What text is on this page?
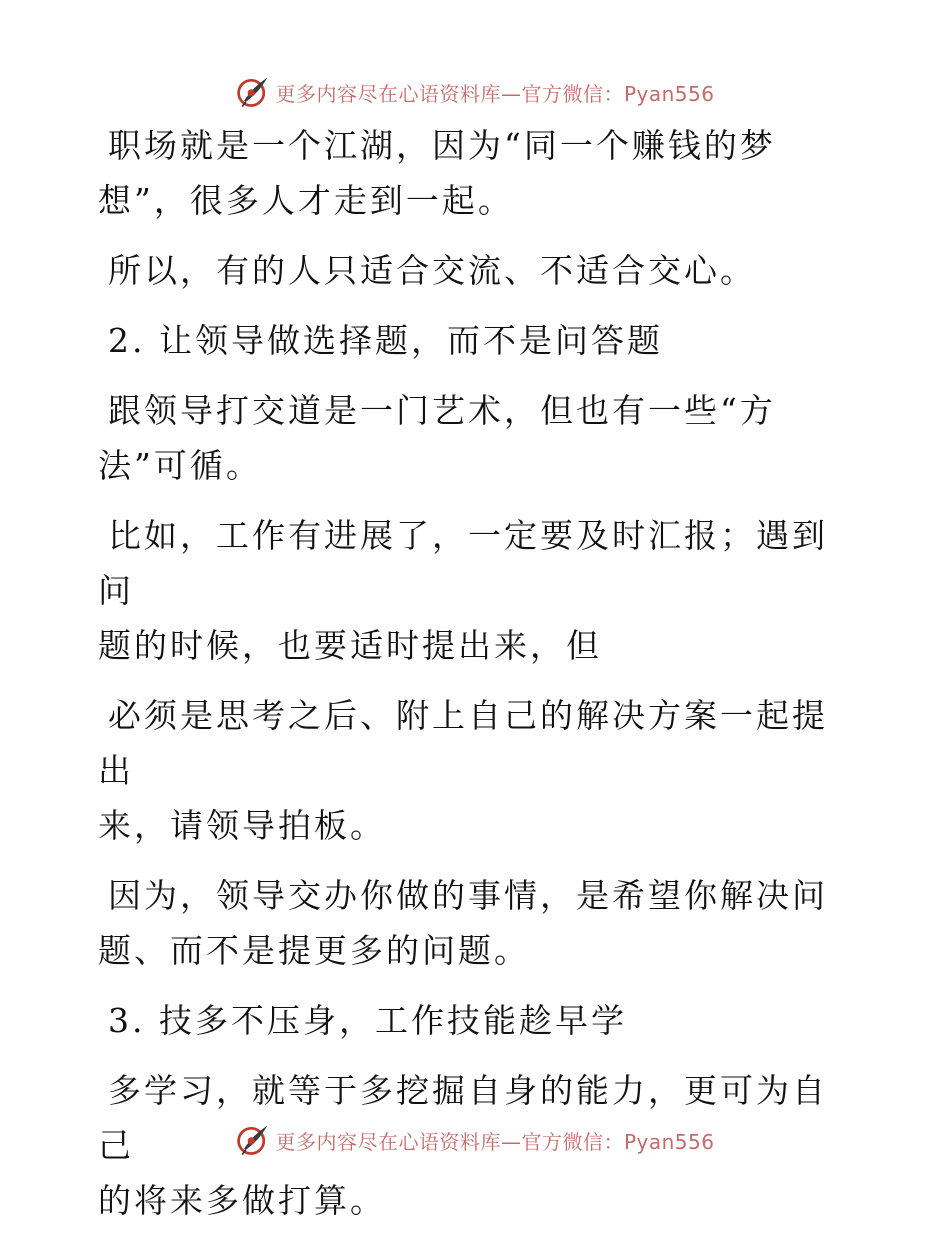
更多内容尽在心语资料库—官方微信：Pyan556

职场就是一个江湖，因为“同一个赚钱的梦
想”，很多人才走到一起。

所以，有的人只适合交流、不适合交心。

2. 让领导做选择题，而不是问答题

跟领导打交道是一门艺术，但也有一些“方
法”可循。

比如，工作有进展了，一定要及时汇报；遇到问
题的时候，也要适时提出来，但

必须是思考之后、附上自己的解决方案一起提出
来，请领导拍板。

因为，领导交办你做的事情，是希望你解决问
题、而不是提更多的问题。

3. 技多不压身，工作技能趁早学

多学习，就等于多挖掘自身的能力，更可为自己
的将来多做打算。

更多内容尽在心语资料库—官方微信：Pyan556
